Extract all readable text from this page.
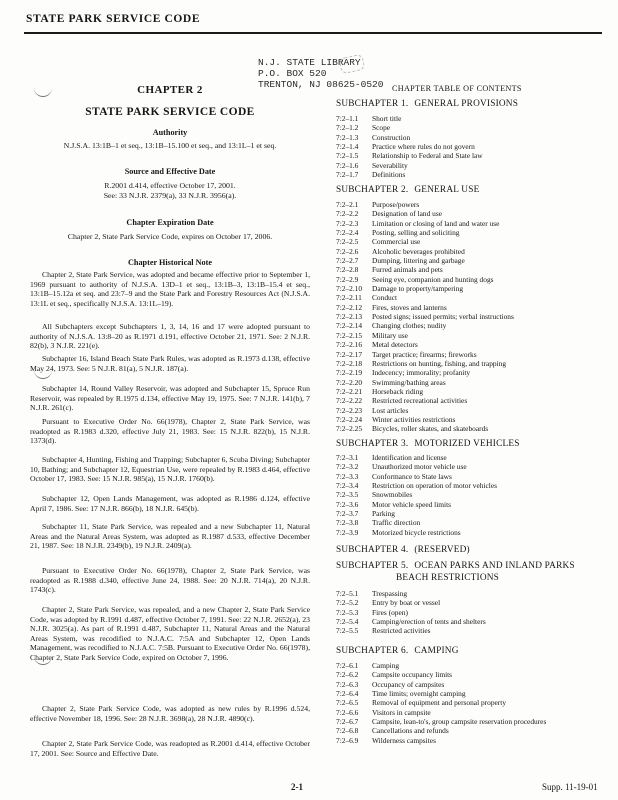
STATE PARK SERVICE CODE
N.J. STATE LIBRARY
P.O. BOX 520
TRENTON, NJ 08625-0520
CHAPTER 2
STATE PARK SERVICE CODE
Authority
N.J.S.A. 13:1B–1 et seq., 13:1B–15.100 et seq., and 13:1L–1 et seq.
Source and Effective Date
R.2001 d.414, effective October 17, 2001.
See: 33 N.J.R. 2379(a), 33 N.J.R. 3956(a).
Chapter Expiration Date
Chapter 2, State Park Service Code, expires on October 17, 2006.
Chapter Historical Note

Chapter 2, State Park Service, was adopted and became effective prior to September 1, 1969 pursuant to authority of N.J.S.A. 13D–1 et seq., 13:1B–3, 13:1B–15.4 et seq., 13:1B–15.12a et seq. and 23:7–9 and the State Park and Forestry Resources Act (N.J.S.A. 13:1L et seq., specifically N.J.S.A. 13:1L–19).

All Subchapters except Subchapters 1, 3, 14, 16 and 17 were adopted pursuant to authority of N.J.S.A. 13:8–20 as R.1971 d.191, effective October 21, 1971. See: 2 N.J.R. 82(b), 3 N.J.R. 221(e).

Subchapter 16, Island Beach State Park Rules, was adopted as R.1973 d.138, effective May 24, 1973. See: 5 N.J.R. 81(a), 5 N.J.R. 187(a).

Subchapter 14, Round Valley Reservoir, was adopted and Subchapter 15, Spruce Run Reservoir, was repealed by R.1975 d.134, effective May 19, 1975. See: 7 N.J.R. 141(b), 7 N.J.R. 261(c).

Pursuant to Executive Order No. 66(1978), Chapter 2, State Park Service, was readopted as R.1983 d.320, effective July 21, 1983. See: 15 N.J.R. 822(b), 15 N.J.R. 1373(d).

Subchapter 4, Hunting, Fishing and Trapping; Subchapter 6, Scuba Diving; Subchapter 10, Bathing; and Subchapter 12, Equestrian Use, were repealed by R.1983 d.464, effective October 17, 1983. See: 15 N.J.R. 985(a), 15 N.J.R. 1760(b).

Subchapter 12, Open Lands Management, was adopted as R.1986 d.124, effective April 7, 1986. See: 17 N.J.R. 866(b), 18 N.J.R. 645(b).

Subchapter 11, State Park Service, was repealed and a new Subchapter 11, Natural Areas and the Natural Areas System, was adopted as R.1987 d.533, effective December 21, 1987. See: 18 N.J.R. 2349(b), 19 N.J.R. 2409(a).

Pursuant to Executive Order No. 66(1978), Chapter 2, State Park Service, was readopted as R.1988 d.340, effective June 24, 1988. See: 20 N.J.R. 714(a), 20 N.J.R. 1743(c).

Chapter 2, State Park Service, was repealed, and a new Chapter 2, State Park Service Code, was adopted by R.1991 d.487, effective October 7, 1991. See: 22 N.J.R. 2652(a), 23 N.J.R. 3025(a). As part of R.1991 d.487, Subchapter 11, Natural Areas and the Natural Areas System, was recodified to N.J.A.C. 7:5A and Subchapter 12, Open Lands Management, was recodified to N.J.A.C. 7:5B. Pursuant to Executive Order No. 66(1978), Chapter 2, State Park Service Code, expired on October 7, 1996.

Chapter 2, State Park Service Code, was adopted as new rules by R.1996 d.524, effective November 18, 1996. See: 28 N.J.R. 3698(a), 28 N.J.R. 4890(c).

Chapter 2, State Park Service Code, was readopted as R.2001 d.414, effective October 17, 2001. See: Source and Effective Date.

CHAPTER TABLE OF CONTENTS
SUBCHAPTER 1. GENERAL PROVISIONS
7:2–1.1	Short title
7:2–1.2	Scope
7:2–1.3	Construction
7:2–1.4	Practice where rules do not govern
7:2–1.5	Relationship to Federal and State law
7:2–1.6	Severability
7:2–1.7	Definitions
SUBCHAPTER 2. GENERAL USE
7:2–2.1	Purpose/powers
7:2–2.2	Designation of land use
7:2–2.3	Limitation or closing of land and water use
7:2–2.4	Posting, selling and soliciting
7:2–2.5	Commercial use
7:2–2.6	Alcoholic beverages prohibited
7:2–2.7	Dumping, littering and garbage
7:2–2.8	Furred animals and pets
7:2–2.9	Seeing eye, companion and hunting dogs
7:2–2.10	Damage to property/tampering
7:2–2.11	Conduct
7:2–2.12	Fires, stoves and lanterns
7:2–2.13	Posted signs; issued permits; verbal instructions
7:2–2.14	Changing clothes; nudity
7:2–2.15	Military use
7:2–2.16	Metal detectors
7:2–2.17	Target practice; firearms; fireworks
7:2–2.18	Restrictions on hunting, fishing, and trapping
7:2–2.19	Indecency; immorality; profanity
7:2–2.20	Swimming/bathing areas
7:2–2.21	Horseback riding
7:2–2.22	Restricted recreational activities
7:2–2.23	Lost articles
7:2–2.24	Winter activities restrictions
7:2–2.25	Bicycles, roller skates, and skateboards
SUBCHAPTER 3. MOTORIZED VEHICLES
7:2–3.1	Identification and license
7:2–3.2	Unauthorized motor vehicle use
7:2–3.3	Conformance to State laws
7:2–3.4	Restriction on operation of motor vehicles
7:2–3.5	Snowmobiles
7:2–3.6	Motor vehicle speed limits
7:2–3.7	Parking
7:2–3.8	Traffic direction
7:2–3.9	Motorized bicycle restrictions
SUBCHAPTER 4. (RESERVED)
SUBCHAPTER 5. OCEAN PARKS AND INLAND PARKS
BEACH RESTRICTIONS
7:2–5.1	Trespassing
7:2–5.2	Entry by boat or vessel
7:2–5.3	Fires (open)
7:2–5.4	Camping/erection of tents and shelters
7:2–5.5	Restricted activities
SUBCHAPTER 6. CAMPING
7:2–6.1	Camping
7:2–6.2	Campsite occupancy limits
7:2–6.3	Occupancy of campsites
7:2–6.4	Time limits; overnight camping
7:2–6.5	Removal of equipment and personal property
7:2–6.6	Visitors in campsite
7:2–6.7	Campsite, lean-to's, group campsite reservation procedures
7:2–6.8	Cancellations and refunds
7:2–6.9	Wilderness campsites
2-1	Supp. 11-19-01
